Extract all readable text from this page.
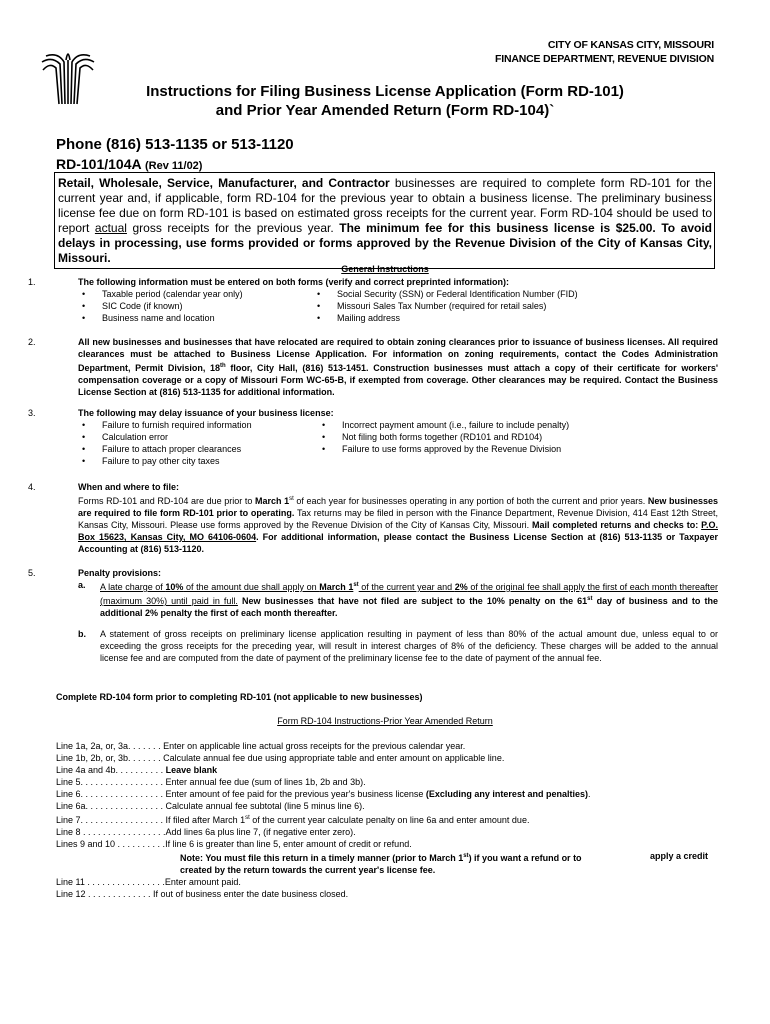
CITY OF KANSAS CITY, MISSOURI
FINANCE DEPARTMENT, REVENUE DIVISION
Instructions for Filing Business License Application (Form RD-101)
and Prior Year Amended Return (Form RD-104)`
Phone (816) 513-1135 or 513-1120
RD-101/104A (Rev 11/02)
Retail, Wholesale, Service, Manufacturer, and Contractor businesses are required to complete form RD-101 for the current year and, if applicable, form RD-104 for the previous year to obtain a business license. The preliminary business license fee due on form RD-101 is based on estimated gross receipts for the current year. Form RD-104 should be used to report actual gross receipts for the previous year. The minimum fee for this business license is $25.00. To avoid delays in processing, use forms provided or forms approved by the Revenue Division of the City of Kansas City, Missouri.
General Instructions
1.	The following information must be entered on both forms (verify and correct preprinted information):
• Taxable period (calendar year only)
• SIC Code (if known)
• Business name and location
• Social Security (SSN) or Federal Identification Number (FID)
• Missouri Sales Tax Number (required for retail sales)
• Mailing address
2.	All new businesses and businesses that have relocated are required to obtain zoning clearances prior to issuance of business licenses. All required clearances must be attached to Business License Application. For information on zoning requirements, contact the Codes Administration Department, Permit Division, 18th floor, City Hall, (816) 513-1451. Construction businesses must attach a copy of their certificate for workers' compensation coverage or a copy of Missouri Form WC-65-B, if exempted from coverage. Other clearances may be required. Contact the Business License Section at (816) 513-1135 for additional information.
3.	The following may delay issuance of your business license:
• Failure to furnish required information
• Calculation error
• Failure to attach proper clearances
• Failure to pay other city taxes
• Incorrect payment amount (i.e., failure to include penalty)
• Not filing both forms together (RD101 and RD104)
• Failure to use forms approved by the Revenue Division
4.	When and where to file:
Forms RD-101 and RD-104 are due prior to March 1st of each year for businesses operating in any portion of both the current and prior years. New businesses are required to file form RD-101 prior to operating. Tax returns may be filed in person with the Finance Department, Revenue Division, 414 East 12th Street, Kansas City, Missouri. Please use forms approved by the Revenue Division of the City of Kansas City, Missouri. Mail completed returns and checks to: P.O. Box 15623, Kansas City, MO 64106-0604. For additional information, please contact the Business License Section at (816) 513-1135 or Taxpayer Accounting at (816) 513-1120.
5.	Penalty provisions:
a. A late charge of 10% of the amount due shall apply on March 1st of the current year and 2% of the original fee shall apply the first of each month thereafter (maximum 30%) until paid in full. New businesses that have not filed are subject to the 10% penalty on the 61st day of business and to the additional 2% penalty the first of each month thereafter.
b. A statement of gross receipts on preliminary license application resulting in payment of less than 80% of the actual amount due, unless equal to or exceeding the gross receipts for the preceding year, will result in interest charges of 8% of the deficiency. These charges will be added to the annual license fee and are computed from the date of payment of the preliminary license fee to the date of payment of the annual fee.
Complete RD-104 form prior to completing RD-101 (not applicable to new businesses)
Form RD-104 Instructions-Prior Year Amended Return
Line 1a, 2a, or, 3a. . . . . . . Enter on applicable line actual gross receipts for the previous calendar year.
Line 1b, 2b, or, 3b. . . . . . . Calculate annual fee due using appropriate table and enter amount on applicable line.
Line 4a and 4b. . . . . . . . . . Leave blank
Line 5. . . . . . . . . . . . . . . . . Enter annual fee due (sum of lines 1b, 2b and 3b).
Line 6. . . . . . . . . . . . . . . . . Enter amount of fee paid for the previous year's business license (Excluding any interest and penalties).
Line 6a. . . . . . . . . . . . . . . . Calculate annual fee subtotal (line 5 minus line 6).
Line 7. . . . . . . . . . . . . . . . . If filed after March 1st of the current year calculate penalty on line 6a and enter amount due.
Line 8 . . . . . . . . . . . . . . . . .Add lines 6a plus line 7, (if negative enter zero).
Lines 9 and 10 . . . . . . . . . .If line 6 is greater than line 5, enter amount of credit or refund.
Note: You must file this return in a timely manner (prior to March 1st) if you want a refund or to	apply a credit
created by the return towards the current year's license fee.
Line 11 . . . . . . . . . . . . . . . .Enter amount paid.
Line 12 . . . . . . . . . . . . . If out of business enter the date business closed.
